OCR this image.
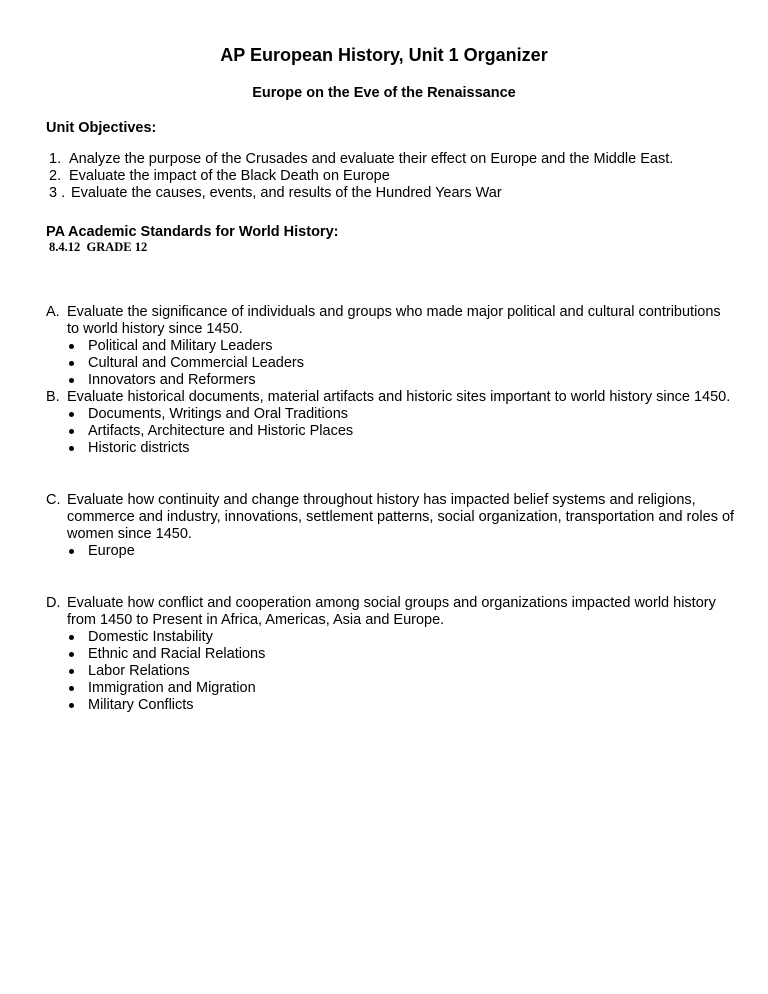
AP European History, Unit 1 Organizer
Europe on the Eve of the Renaissance
Unit Objectives:
1. Analyze the purpose of the Crusades and evaluate their effect on Europe and the Middle East.
2. Evaluate the impact of the Black Death on Europe
3 . Evaluate the causes, events, and results of the Hundred Years War
PA Academic Standards for World History:
8.4.12  GRADE 12
A. Evaluate the significance of individuals and groups who made major political and cultural contributions to world history since 1450.
Political and Military Leaders
Cultural and Commercial Leaders
Innovators and Reformers
B. Evaluate historical documents, material artifacts and historic sites important to world history since 1450.
Documents, Writings and Oral Traditions
Artifacts, Architecture and Historic Places
Historic districts
C. Evaluate how continuity and change throughout history has impacted belief systems and religions, commerce and industry, innovations, settlement patterns, social organization, transportation and roles of women since 1450.
Europe
D. Evaluate how conflict and cooperation among social groups and organizations impacted world history from 1450 to Present in Africa, Americas, Asia and Europe.
Domestic Instability
Ethnic and Racial Relations
Labor Relations
Immigration and Migration
Military Conflicts
